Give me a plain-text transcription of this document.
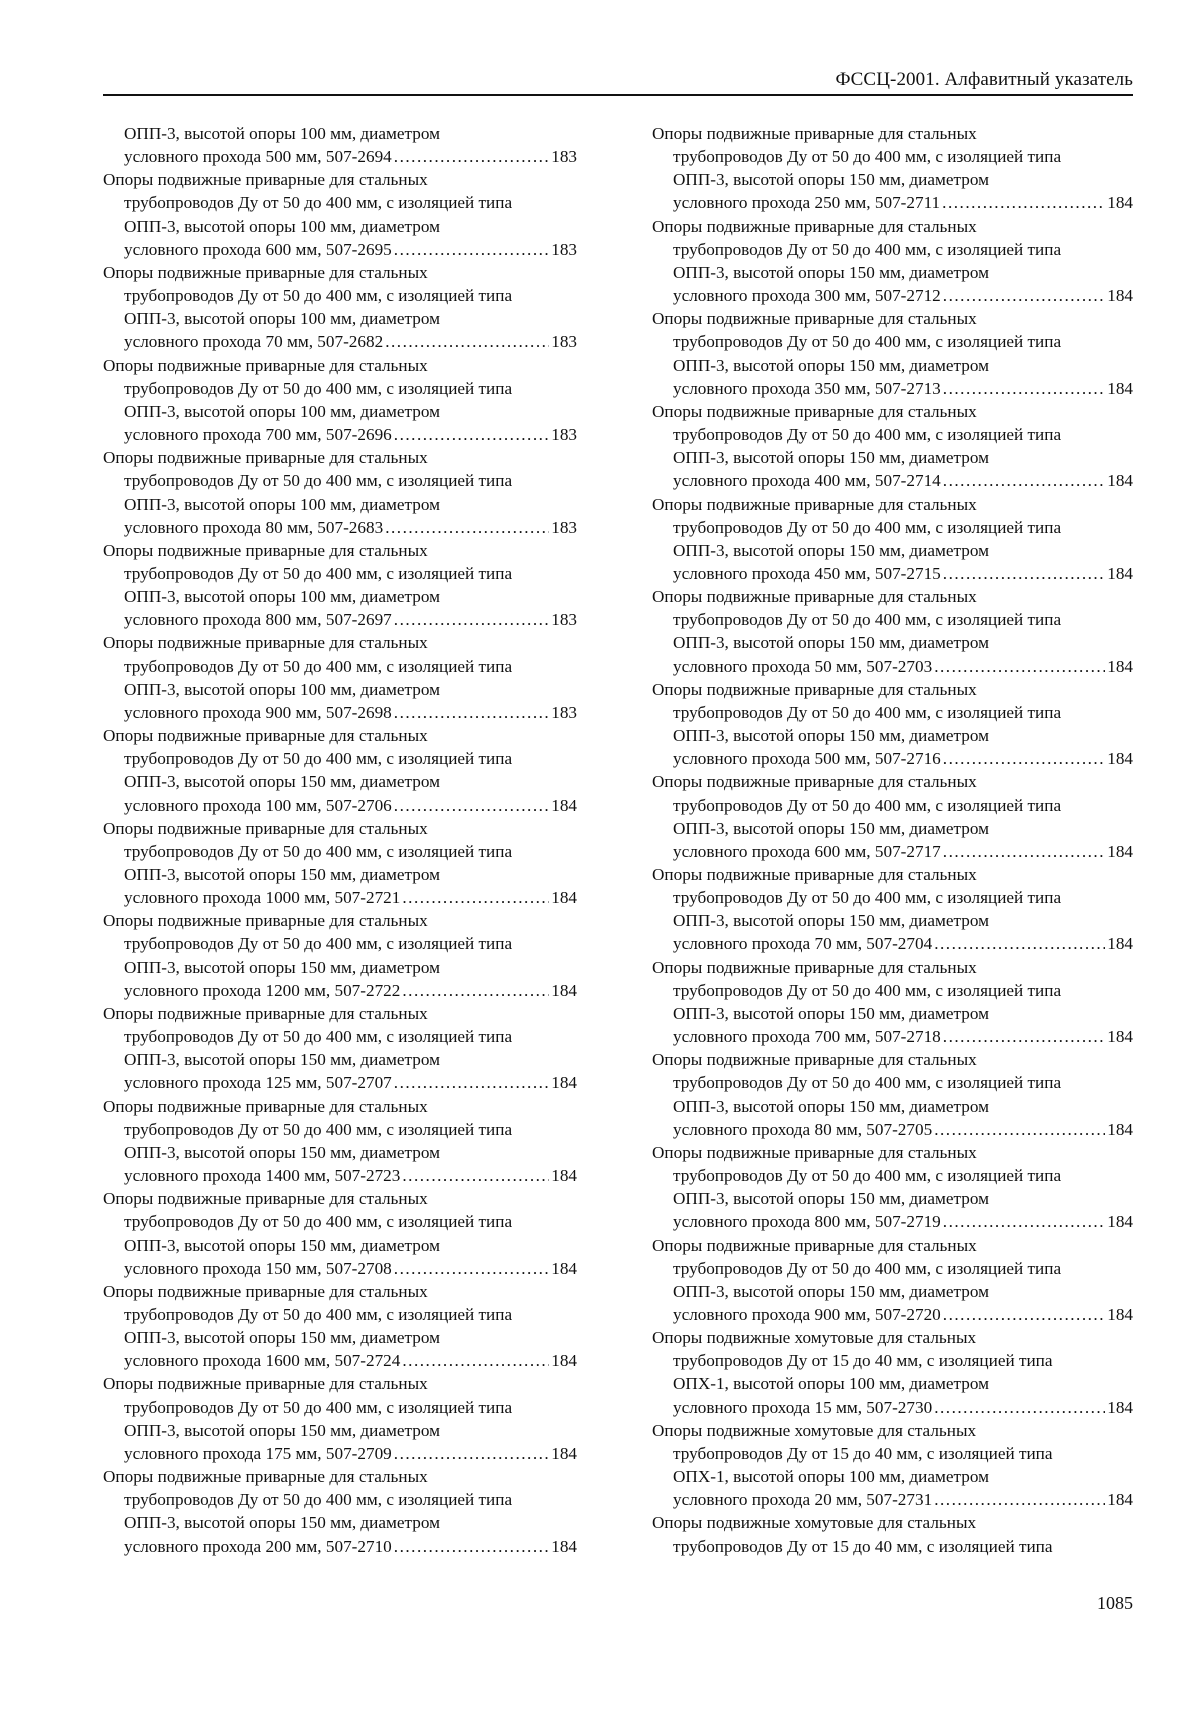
ФССЦ-2001. Алфавитный указатель
ОПП-3, высотой опоры 100 мм, диаметром
условного прохода 500 мм, 507-2694 . . .	183
Опоры подвижные приварные для стальных
трубопроводов Ду от 50 до 400 мм, с изоляцией типа
ОПП-3, высотой опоры 100 мм, диаметром
условного прохода 600 мм, 507-2695 . . .	183
Опоры подвижные приварные для стальных
трубопроводов Ду от 50 до 400 мм, с изоляцией типа
ОПП-3, высотой опоры 100 мм, диаметром
условного прохода 70 мм, 507-2682 . . .	183
Опоры подвижные приварные для стальных
трубопроводов Ду от 50 до 400 мм, с изоляцией типа
ОПП-3, высотой опоры 100 мм, диаметром
условного прохода 700 мм, 507-2696 . . .	183
Опоры подвижные приварные для стальных
трубопроводов Ду от 50 до 400 мм, с изоляцией типа
ОПП-3, высотой опоры 100 мм, диаметром
условного прохода 80 мм, 507-2683 . . .	183
Опоры подвижные приварные для стальных
трубопроводов Ду от 50 до 400 мм, с изоляцией типа
ОПП-3, высотой опоры 100 мм, диаметром
условного прохода 800 мм, 507-2697 . . .	183
Опоры подвижные приварные для стальных
трубопроводов Ду от 50 до 400 мм, с изоляцией типа
ОПП-3, высотой опоры 100 мм, диаметром
условного прохода 900 мм, 507-2698 . . .	183
Опоры подвижные приварные для стальных
трубопроводов Ду от 50 до 400 мм, с изоляцией типа
ОПП-3, высотой опоры 150 мм, диаметром
условного прохода 100 мм, 507-2706 . . .	184
Опоры подвижные приварные для стальных
трубопроводов Ду от 50 до 400 мм, с изоляцией типа
ОПП-3, высотой опоры 150 мм, диаметром
условного прохода 1000 мм, 507-2721 . . .	184
Опоры подвижные приварные для стальных
трубопроводов Ду от 50 до 400 мм, с изоляцией типа
ОПП-3, высотой опоры 150 мм, диаметром
условного прохода 1200 мм, 507-2722 . . .	184
Опоры подвижные приварные для стальных
трубопроводов Ду от 50 до 400 мм, с изоляцией типа
ОПП-3, высотой опоры 150 мм, диаметром
условного прохода 125 мм, 507-2707 . . .	184
Опоры подвижные приварные для стальных
трубопроводов Ду от 50 до 400 мм, с изоляцией типа
ОПП-3, высотой опоры 150 мм, диаметром
условного прохода 1400 мм, 507-2723 . . .	184
Опоры подвижные приварные для стальных
трубопроводов Ду от 50 до 400 мм, с изоляцией типа
ОПП-3, высотой опоры 150 мм, диаметром
условного прохода 150 мм, 507-2708 . . .	184
Опоры подвижные приварные для стальных
трубопроводов Ду от 50 до 400 мм, с изоляцией типа
ОПП-3, высотой опоры 150 мм, диаметром
условного прохода 1600 мм, 507-2724 . . .	184
Опоры подвижные приварные для стальных
трубопроводов Ду от 50 до 400 мм, с изоляцией типа
ОПП-3, высотой опоры 150 мм, диаметром
условного прохода 175 мм, 507-2709 . . .	184
Опоры подвижные приварные для стальных
трубопроводов Ду от 50 до 400 мм, с изоляцией типа
ОПП-3, высотой опоры 150 мм, диаметром
условного прохода 200 мм, 507-2710 . . .	184
Опоры подвижные приварные для стальных
трубопроводов Ду от 50 до 400 мм, с изоляцией типа
ОПП-3, высотой опоры 150 мм, диаметром
условного прохода 250 мм, 507-2711 . . .	184
Опоры подвижные приварные для стальных
трубопроводов Ду от 50 до 400 мм, с изоляцией типа
ОПП-3, высотой опоры 150 мм, диаметром
условного прохода 300 мм, 507-2712 . . .	184
Опоры подвижные приварные для стальных
трубопроводов Ду от 50 до 400 мм, с изоляцией типа
ОПП-3, высотой опоры 150 мм, диаметром
условного прохода 350 мм, 507-2713 . . .	184
Опоры подвижные приварные для стальных
трубопроводов Ду от 50 до 400 мм, с изоляцией типа
ОПП-3, высотой опоры 150 мм, диаметром
условного прохода 400 мм, 507-2714 . . .	184
Опоры подвижные приварные для стальных
трубопроводов Ду от 50 до 400 мм, с изоляцией типа
ОПП-3, высотой опоры 150 мм, диаметром
условного прохода 450 мм, 507-2715 . . .	184
Опоры подвижные приварные для стальных
трубопроводов Ду от 50 до 400 мм, с изоляцией типа
ОПП-3, высотой опоры 150 мм, диаметром
условного прохода 50 мм, 507-2703 . . .	184
Опоры подвижные приварные для стальных
трубопроводов Ду от 50 до 400 мм, с изоляцией типа
ОПП-3, высотой опоры 150 мм, диаметром
условного прохода 500 мм, 507-2716 . . .	184
Опоры подвижные приварные для стальных
трубопроводов Ду от 50 до 400 мм, с изоляцией типа
ОПП-3, высотой опоры 150 мм, диаметром
условного прохода 600 мм, 507-2717 . . .	184
Опоры подвижные приварные для стальных
трубопроводов Ду от 50 до 400 мм, с изоляцией типа
ОПП-3, высотой опоры 150 мм, диаметром
условного прохода 70 мм, 507-2704 . . .	184
Опоры подвижные приварные для стальных
трубопроводов Ду от 50 до 400 мм, с изоляцией типа
ОПП-3, высотой опоры 150 мм, диаметром
условного прохода 700 мм, 507-2718 . . .	184
Опоры подвижные приварные для стальных
трубопроводов Ду от 50 до 400 мм, с изоляцией типа
ОПП-3, высотой опоры 150 мм, диаметром
условного прохода 80 мм, 507-2705 . . .	184
Опоры подвижные приварные для стальных
трубопроводов Ду от 50 до 400 мм, с изоляцией типа
ОПП-3, высотой опоры 150 мм, диаметром
условного прохода 800 мм, 507-2719 . . .	184
Опоры подвижные приварные для стальных
трубопроводов Ду от 50 до 400 мм, с изоляцией типа
ОПП-3, высотой опоры 150 мм, диаметром
условного прохода 900 мм, 507-2720 . . .	184
Опоры подвижные хомутовые для стальных
трубопроводов Ду от 15 до 40 мм, с изоляцией типа
ОПХ-1, высотой опоры 100 мм, диаметром
условного прохода 15 мм, 507-2730 . . .	184
Опоры подвижные хомутовые для стальных
трубопроводов Ду от 15 до 40 мм, с изоляцией типа
ОПХ-1, высотой опоры 100 мм, диаметром
условного прохода 20 мм, 507-2731 . . .	184
Опоры подвижные хомутовые для стальных
трубопроводов Ду от 15 до 40 мм, с изоляцией типа
1085
